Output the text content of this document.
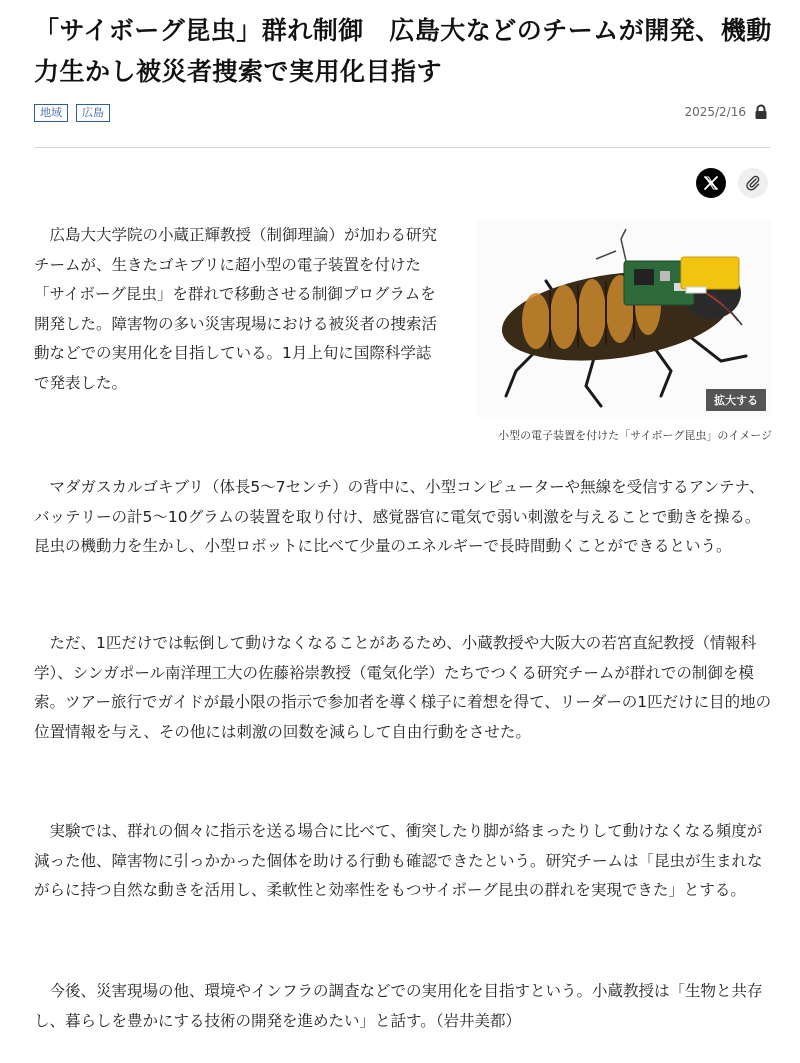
「サイボーグ昆虫」群れ制御　広島大などのチームが開発、機動力生かし被災者捜索で実用化目指す
地域	広島	2025/2/16

広島大大学院の小蔵正輝教授（制御理論）が加わる研究チームが、生きたゴキブリに超小型の電子装置を付けた「サイボーグ昆虫」を群れで移動させる制御プログラムを開発した。障害物の多い災害現場における被災者の捜索活動などでの実用化を目指している。1月上旬に国際科学誌で発表した。

拡大する

小型の電子装置を付けた「サイボーグ昆虫」のイメージ

マダガスカルゴキブリ（体長5〜7センチ）の背中に、小型コンピューターや無線を受信するアンテナ、バッテリーの計5〜10グラムの装置を取り付け、感覚器官に電気で弱い刺激を与えることで動きを操る。昆虫の機動力を生かし、小型ロボットに比べて少量のエネルギーで長時間動くことができるという。

ただ、1匹だけでは転倒して動けなくなることがあるため、小蔵教授や大阪大の若宮直紀教授（情報科学）、シンガポール南洋理工大の佐藤裕崇教授（電気化学）たちでつくる研究チームが群れでの制御を模索。ツアー旅行でガイドが最小限の指示で参加者を導く様子に着想を得て、リーダーの1匹だけに目的地の位置情報を与え、その他には刺激の回数を減らして自由行動をさせた。

実験では、群れの個々に指示を送る場合に比べて、衝突したり脚が絡まったりして動けなくなる頻度が減った他、障害物に引っかかった個体を助ける行動も確認できたという。研究チームは「昆虫が生まれながらに持つ自然な動きを活用し、柔軟性と効率性をもつサイボーグ昆虫の群れを実現できた」とする。

今後、災害現場の他、環境やインフラの調査などでの実用化を目指すという。小蔵教授は「生物と共存し、暮らしを豊かにする技術の開発を進めたい」と話す。（岩井美都）
